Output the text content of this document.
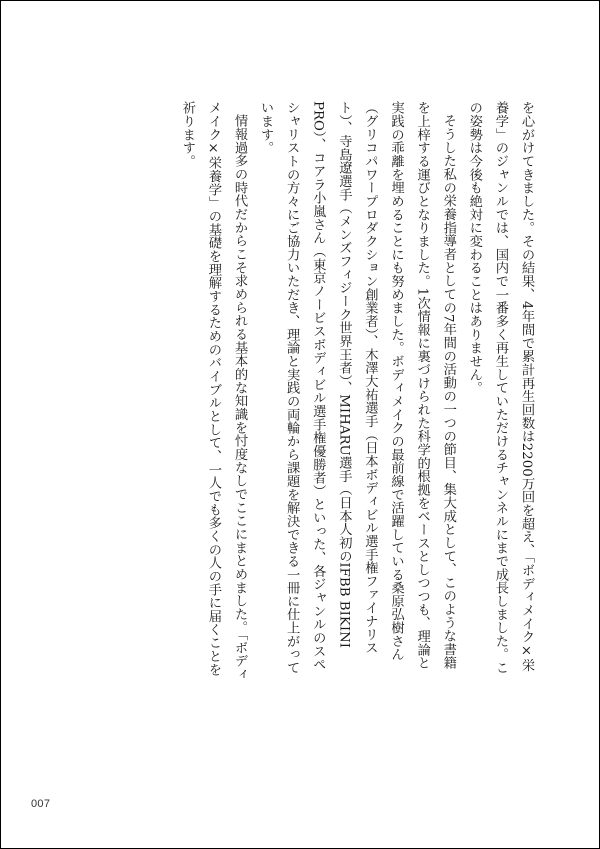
を心がけてきました。その結果、4年間で累計再生回数は2200万回を超え、「ボディメイク×栄養学」のジャンルでは、国内で一番多く再生していただけるチャンネルにまで成長しました。この姿勢は今後も絶対に変わることはありません。

そうした私の栄養指導者としての7年間の活動の一つの節目、集大成として、このような書籍を上梓する運びとなりました。1次情報に裏づけられた科学的根拠をベースとしつつも、理論と実践の乖離を埋めることにも努めました。ボディメイクの最前線で活躍している桑原弘樹さん（グリコパワープロダクション創業者）、木澤大祐選手（日本ボディビル選手権ファイナリスト）、寺島遼選手（メンズフィジーク世界王者）、MIHARU選手（日本人初のIFBB BIKINI PRO）、コアラ小嵐さん（東京ノービスボディビル選手権優勝者）といった、各ジャンルのスペシャリストの方々にご協力いただき、理論と実践の両輪から課題を解決できる一冊に仕上がっています。

情報過多の時代だからこそ求められる基本的な知識を忖度なしでここにまとめました。「ボディメイク×栄養学」の基礎を理解するためのバイブルとして、一人でも多くの人の手に届くことを祈ります。

007
